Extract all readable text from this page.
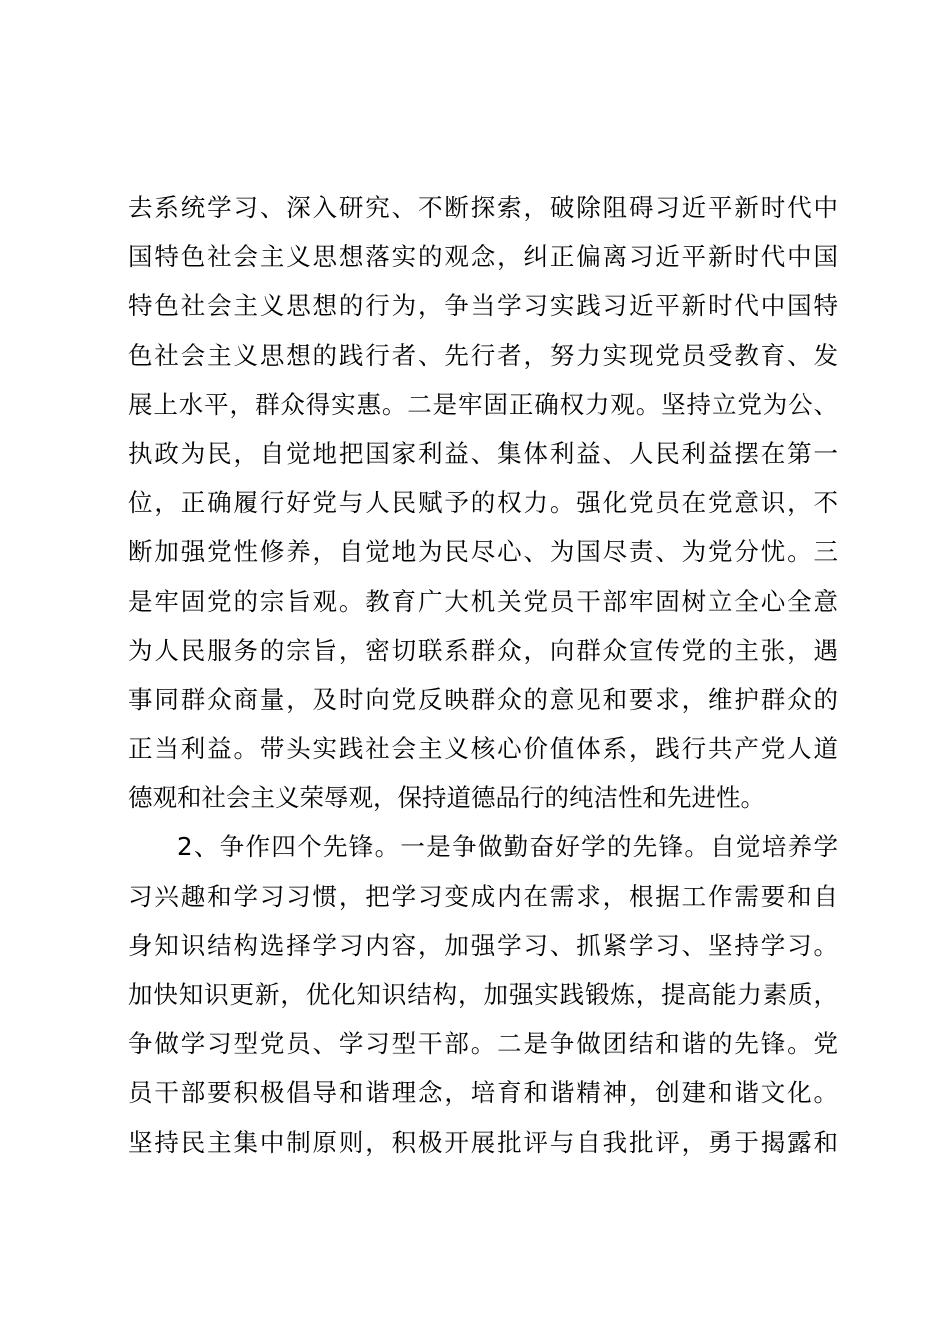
去系统学习、深入研究、不断探索，破除阻碍习近平新时代中
国特色社会主义思想落实的观念，纠正偏离习近平新时代中国
特色社会主义思想的行为，争当学习实践习近平新时代中国特
色社会主义思想的践行者、先行者，努力实现党员受教育、发
展上水平，群众得实惠。二是牢固正确权力观。坚持立党为公、
执政为民，自觉地把国家利益、集体利益、人民利益摆在第一
位，正确履行好党与人民赋予的权力。强化党员在党意识，不
断加强党性修养，自觉地为民尽心、为国尽责、为党分忧。三
是牢固党的宗旨观。教育广大机关党员干部牢固树立全心全意
为人民服务的宗旨，密切联系群众，向群众宣传党的主张，遇
事同群众商量，及时向党反映群众的意见和要求，维护群众的
正当利益。带头实践社会主义核心价值体系，践行共产党人道
德观和社会主义荣辱观，保持道德品行的纯洁性和先进性。
2、争作四个先锋。一是争做勤奋好学的先锋。自觉培养学
习兴趣和学习习惯，把学习变成内在需求，根据工作需要和自
身知识结构选择学习内容，加强学习、抓紧学习、坚持学习。
加快知识更新，优化知识结构，加强实践锻炼，提高能力素质，
争做学习型党员、学习型干部。二是争做团结和谐的先锋。党
员干部要积极倡导和谐理念，培育和谐精神，创建和谐文化。
坚持民主集中制原则，积极开展批评与自我批评，勇于揭露和
